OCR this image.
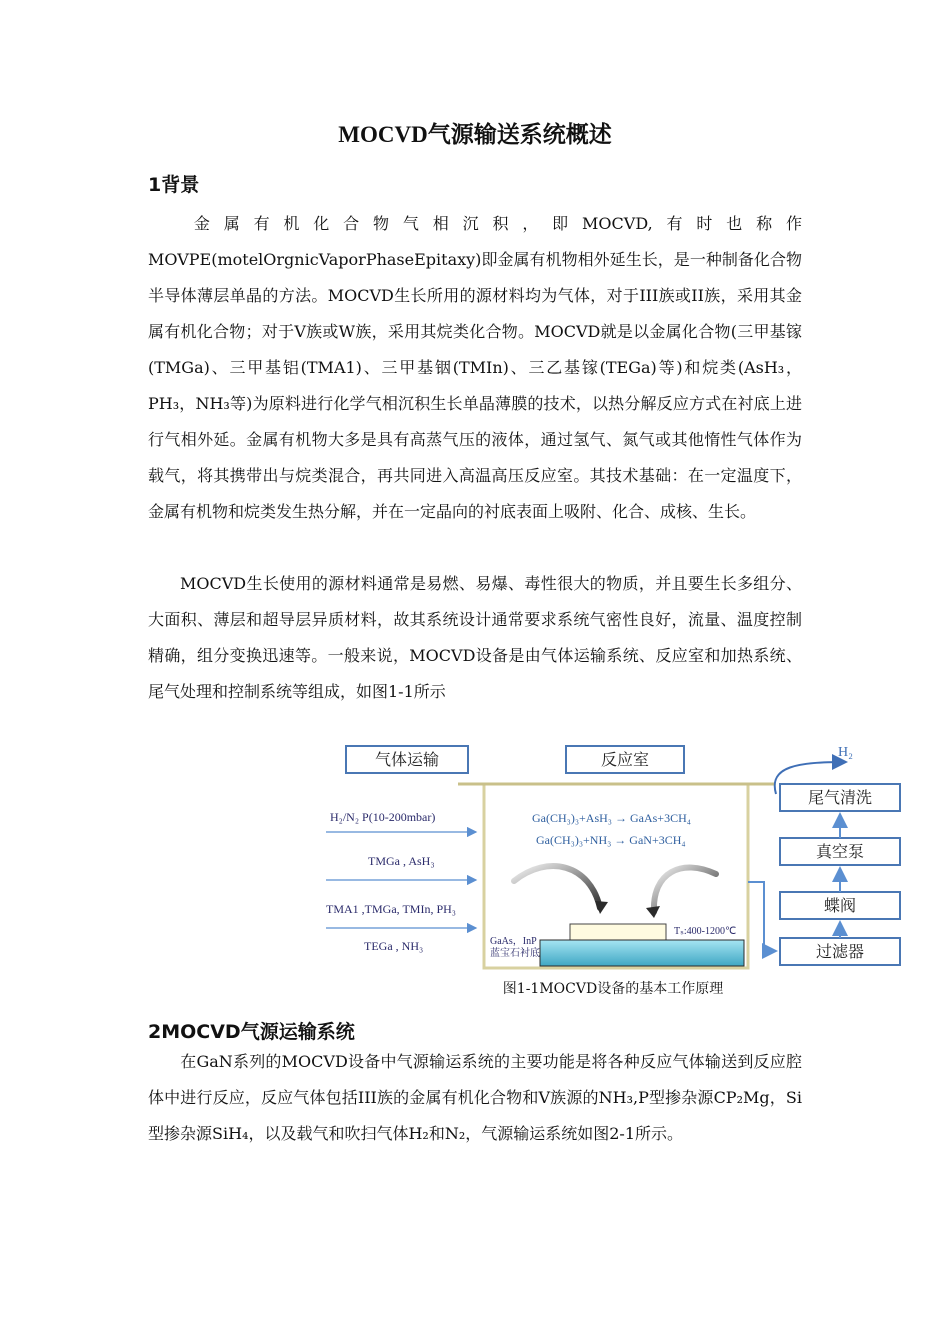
MOCVD气源输送系统概述
1背景
金属有机化合物气相沉积，即MOCVD,有时也称作MOVPE(motelOrgnicVaporPhaseEpitaxy)即金属有机物相外延生长，是一种制备化合物半导体薄层单晶的方法。MOCVD生长所用的源材料均为气体，对于III族或II族，采用其金属有机化合物；对于V族或W族，采用其烷类化合物。MOCVD就是以金属化合物(三甲基镓(TMGa)、三甲基铝(TMA1)、三甲基铟(TMIn)、三乙基镓(TEGa)等)和烷类(AsH₃，PH₃，NH₃等)为原料进行化学气相沉积生长单晶薄膜的技术，以热分解反应方式在衬底上进行气相外延。金属有机物大多是具有高蒸气压的液体，通过氢气、氮气或其他惰性气体作为载气，将其携带出与烷类混合，再共同进入高温高压反应室。其技术基础：在一定温度下，金属有机物和烷类发生热分解，并在一定晶向的衬底表面上吸附、化合、成核、生长。
MOCVD生长使用的源材料通常是易燃、易爆、毒性很大的物质，并且要生长多组分、大面积、薄层和超导层异质材料，故其系统设计通常要求系统气密性良好，流量、温度控制精确，组分变换迅速等。一般来说，MOCVD设备是由气体运输系统、反应室和加热系统、尾气处理和控制系统等组成，如图1-1所示
气体运输	反应室
H₂/N₂ P(10-200mbar)
TMGa , AsH₃
TMA1 ,TMGa, TMIn, PH₃
TEGa , NH₃
Ga(CH₃)₃+AsH₃ → GaAs+3CH₄
Ga(CH₃)₃+NH₃ → GaN+3CH₄
GaAs，InP
蓝宝石衬底
Tₛ:400-1200℃
H₂
尾气清洗
真空泵
蝶阀
过滤器
图1-1MOCVD设备的基本工作原理
2MOCVD气源运输系统
在GaN系列的MOCVD设备中气源输运系统的主要功能是将各种反应气体输送到反应腔体中进行反应，反应气体包括III族的金属有机化合物和V族源的NH₃,P型掺杂源CP₂Mg，Si型掺杂源SiH₄，以及载气和吹扫气体H₂和N₂，气源输运系统如图2-1所示。
